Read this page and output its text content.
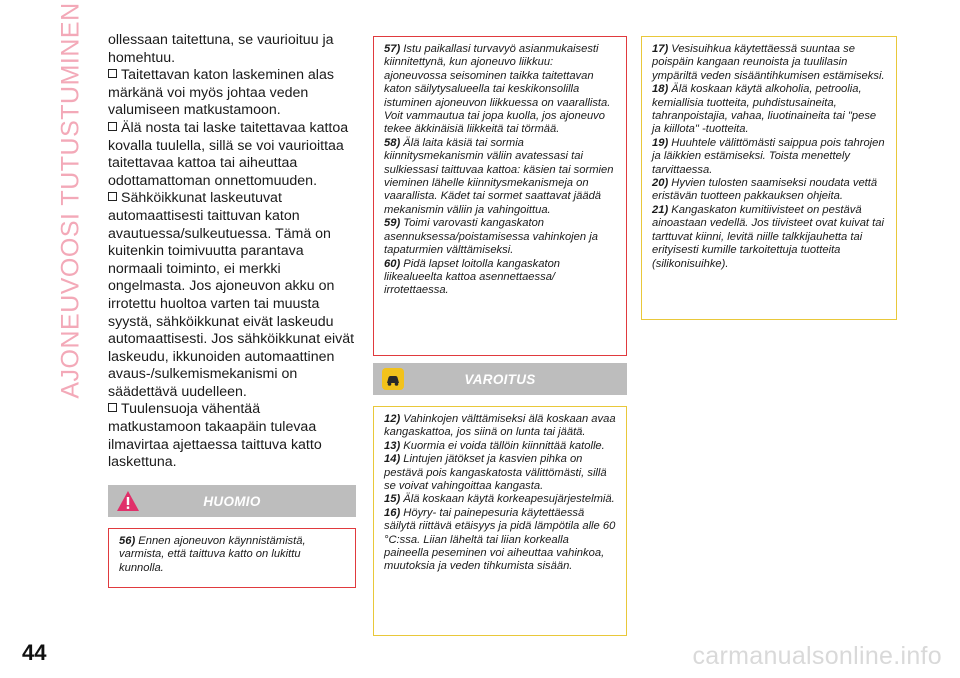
AJONEUVOOSI TUTUSTUMINEN ollessaan taitettuna, se vaurioituu ja homehtuu.

Taitettavan katon laskeminen alas märkänä voi myös johtaa veden valumiseen matkustamoon.

Älä nosta tai laske taitettavaa kattoa kovalla tuulella, sillä se voi vaurioittaa taitettavaa kattoa tai aiheuttaa odottamattoman onnettomuuden.

Sähköikkunat laskeutuvat automaattisesti taittuvan katon avautuessa/sulkeutuessa. Tämä on kuitenkin toimivuutta parantava normaali toiminto, ei merkki ongelmasta. Jos ajoneuvon akku on irrotettu huoltoa varten tai muusta syystä, sähköikkunat eivät laskeudu automaattisesti. Jos sähköikkunat eivät laskeudu, ikkunoiden automaattinen avaus-/sulkemismekanismi on säädettävä uudelleen.

Tuulensuoja vähentää matkustamoon takaapäin tulevaa ilmavirtaa ajettaessa taittuva katto laskettuna.

HUOMIO

56) Ennen ajoneuvon käynnistämistä, varmista, että taittuva katto on lukittu kunnolla.

57) Istu paikallasi turvavyö asianmukaisesti kiinnitettynä, kun ajoneuvo liikkuu: ajoneuvossa seisominen taikka taitettavan katon säilytysalueella tai keskikonsolilla istuminen ajoneuvon liikkuessa on vaarallista. Voit vammautua tai jopa kuolla, jos ajoneuvo tekee äkkinäisiä liikkeitä tai törmää.

58) Älä laita käsiä tai sormia kiinnitysmekanismin väliin avatessasi tai sulkiessasi taittuvaa kattoa: käsien tai sormien vieminen lähelle kiinnitysmekanismeja on vaarallista. Kädet tai sormet saattavat jäädä mekanismin väliin ja vahingoittua.

59) Toimi varovasti kangaskaton asennuksessa/poistamisessa vahinkojen ja tapaturmien välttämiseksi.

60) Pidä lapset loitolla kangaskaton liikealueelta kattoa asennettaessa/ irrotettaessa.

VAROITUS

12) Vahinkojen välttämiseksi älä koskaan avaa kangaskattoa, jos siinä on lunta tai jäätä.

13) Kuormia ei voida tällöin kiinnittää katolle.

14) Lintujen jätökset ja kasvien pihka on pestävä pois kangaskatosta välittömästi, sillä se voivat vahingoittaa kangasta.

15) Älä koskaan käytä korkeapesujärjestelmiä.

16) Höyry- tai painepesuria käytettäessä säilytä riittävä etäisyys ja pidä lämpötila alle 60 °C:ssa. Liian läheltä tai liian korkealla paineella peseminen voi aiheuttaa vahinkoa, muutoksia ja veden tihkumista sisään.

17) Vesisuihkua käytettäessä suuntaa se poispäin kangaan reunoista ja tuulilasin ympäriltä veden sisääntihkumisen estämiseksi.

18) Älä koskaan käytä alkoholia, petroolia, kemiallisia tuotteita, puhdistusaineita, tahranpoistajia, vahaa, liuotinaineita tai "pese ja kiillota" -tuotteita.

19) Huuhtele välittömästi saippua pois tahrojen ja läikkien estämiseksi. Toista menettely tarvittaessa.

20) Hyvien tulosten saamiseksi noudata vettä eristävän tuotteen pakkauksen ohjeita.

21) Kangaskaton kumitiivisteet on pestävä ainoastaan vedellä. Jos tiivisteet ovat kuivat tai tarttuvat kiinni, levitä niille talkkijauhetta tai erityisesti kumille tarkoitettuja tuotteita (silikonisuihke).

44	carmanualsonline.info
